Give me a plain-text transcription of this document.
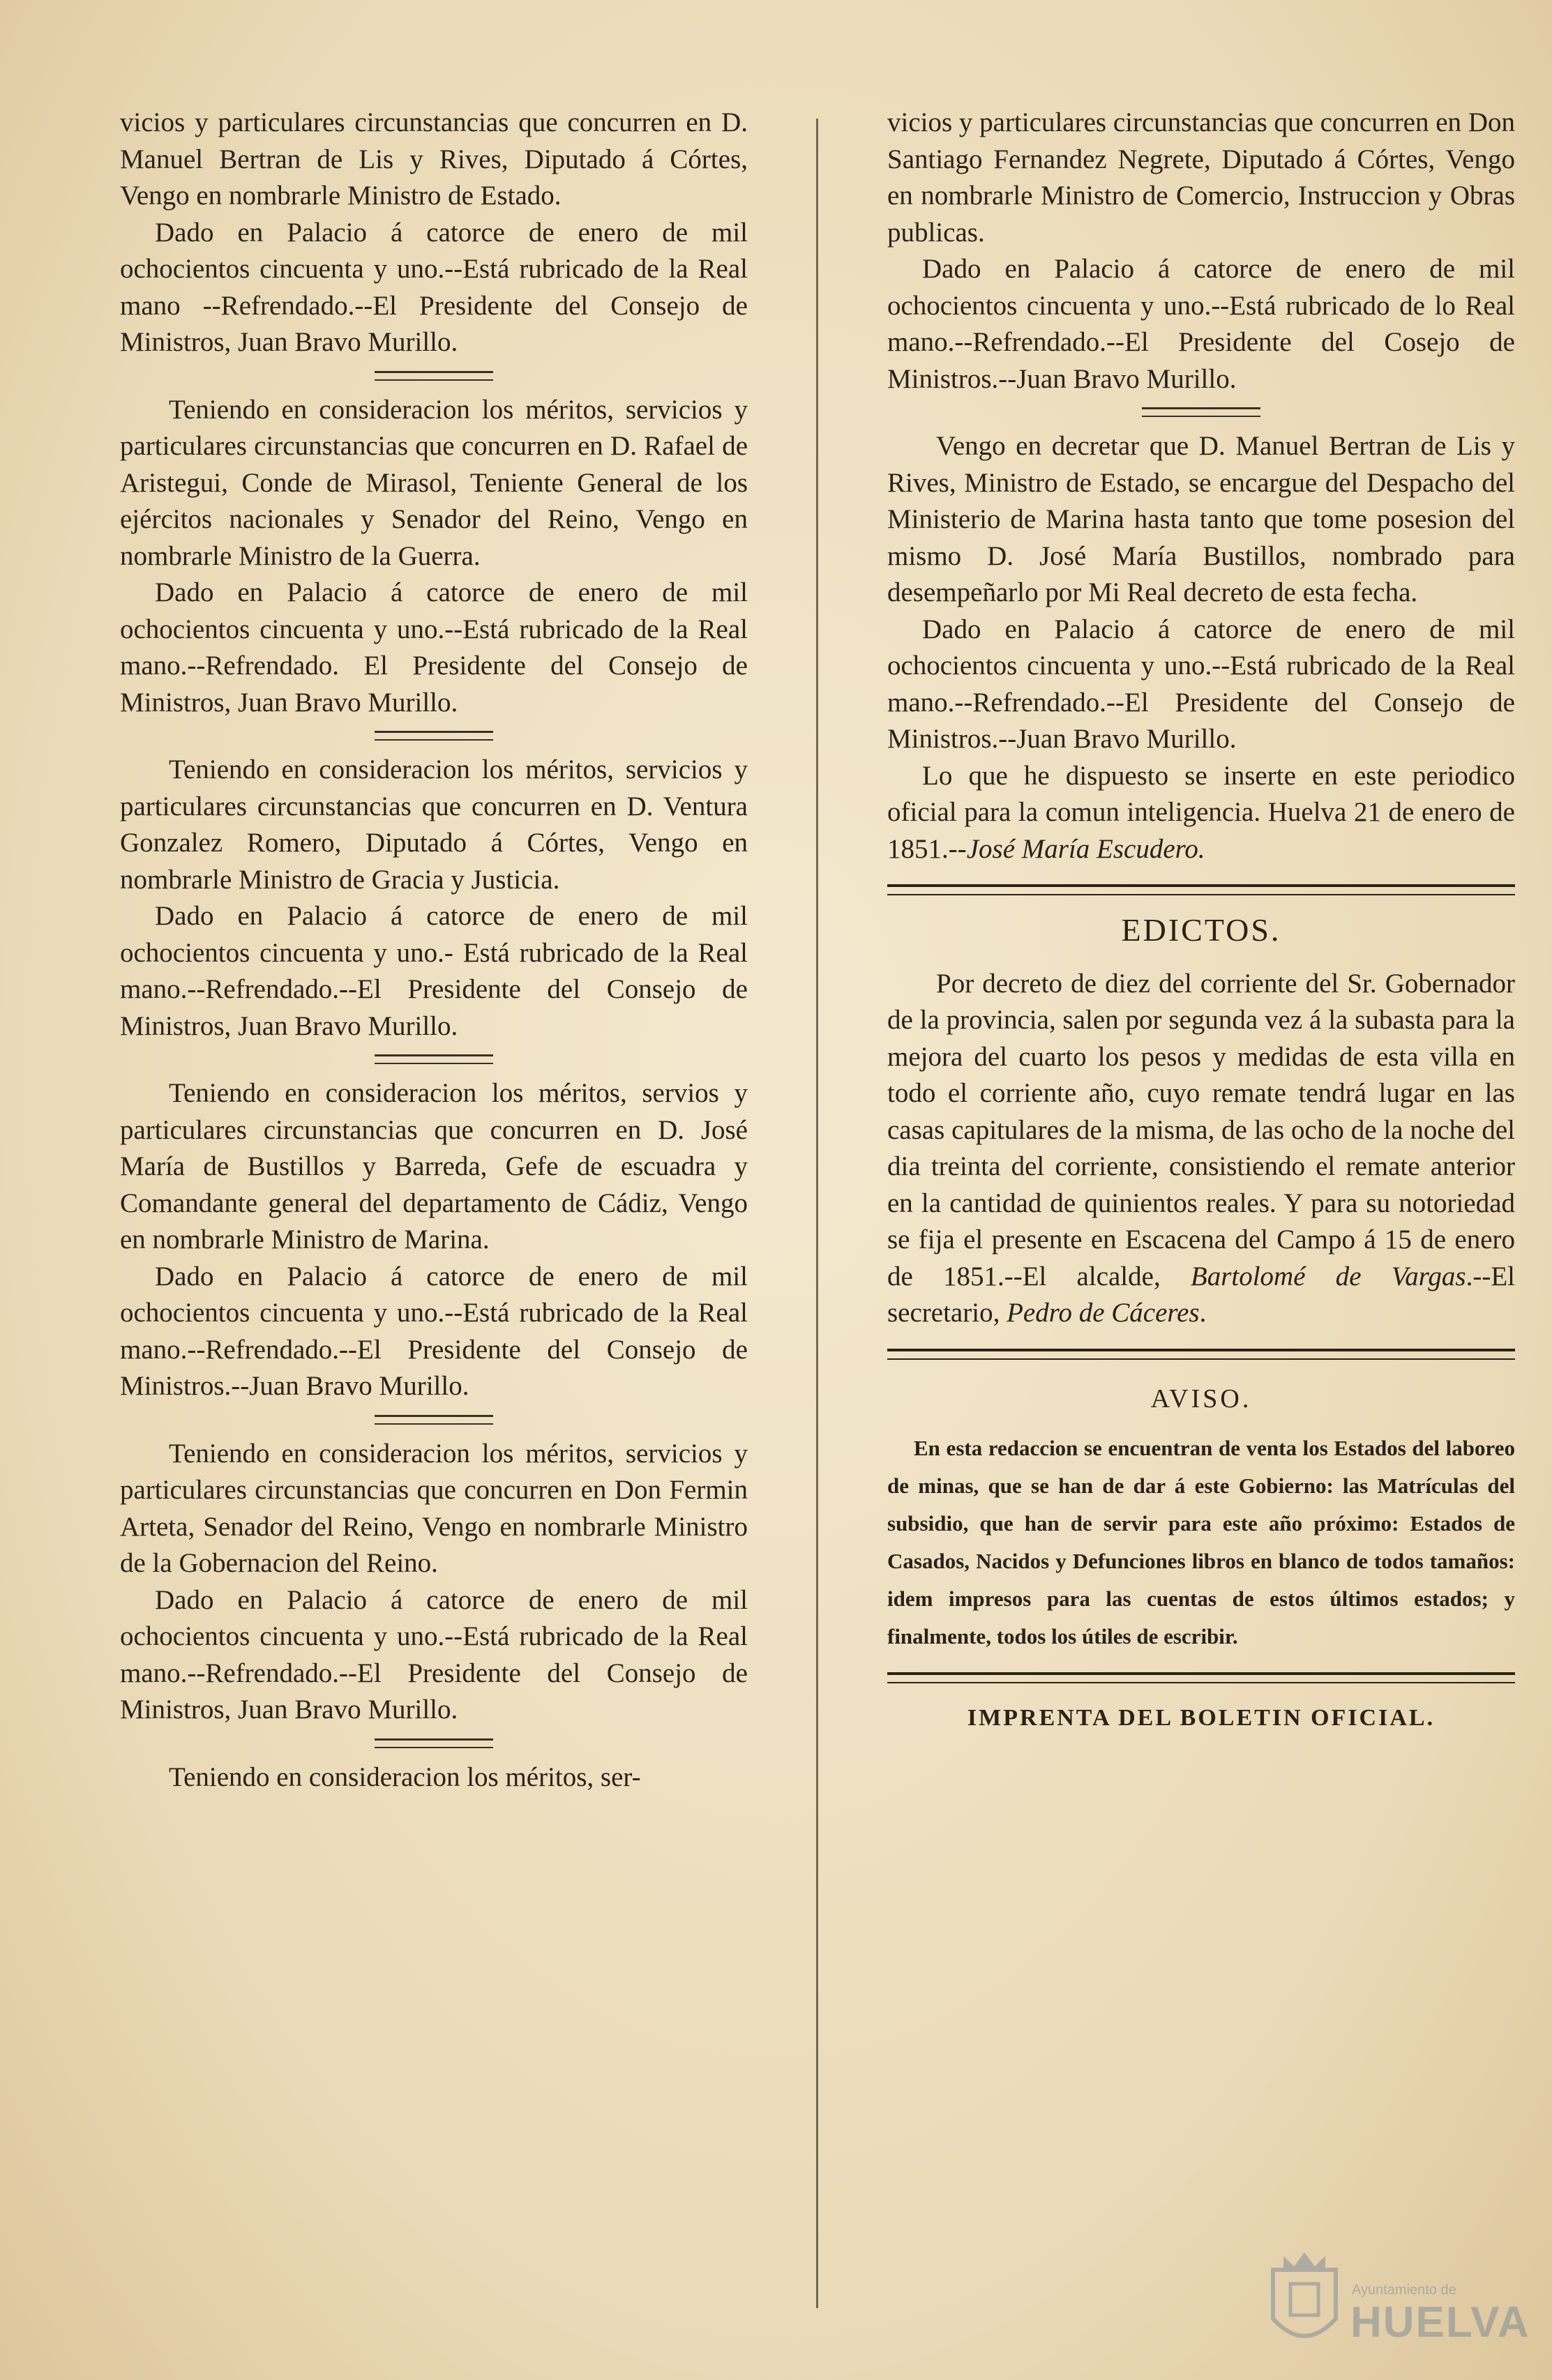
vicios y particulares circunstancias que concurren en D. Manuel Bertran de Lis y Rives, Diputado á Córtes, Vengo en nombrarle Ministro de Estado.

Dado en Palacio á catorce de enero de mil ochocientos cincuenta y uno.--Está rubricado de la Real mano --Refrendado.--El Presidente del Consejo de Ministros, Juan Bravo Murillo.

Teniendo en consideracion los méritos, servicios y particulares circunstancias que concurren en D. Rafael de Aristegui, Conde de Mirasol, Teniente General de los ejércitos nacionales y Senador del Reino, Vengo en nombrarle Ministro de la Guerra.

Dado en Palacio á catorce de enero de mil ochocientos cincuenta y uno.--Está rubricado de la Real mano.--Refrendado. El Presidente del Consejo de Ministros, Juan Bravo Murillo.

Teniendo en consideracion los méritos, servicios y particulares circunstancias que concurren en D. Ventura Gonzalez Romero, Diputado á Córtes, Vengo en nombrarle Ministro de Gracia y Justicia.

Dado en Palacio á catorce de enero de mil ochocientos cincuenta y uno.- Está rubricado de la Real mano.--Refrendado.--El Presidente del Consejo de Ministros, Juan Bravo Murillo.

Teniendo en consideracion los méritos, servios y particulares circunstancias que concurren en D. José María de Bustillos y Barreda, Gefe de escuadra y Comandante general del departamento de Cádiz, Vengo en nombrarle Ministro de Marina.

Dado en Palacio á catorce de enero de mil ochocientos cincuenta y uno.--Está rubricado de la Real mano.--Refrendado.--El Presidente del Consejo de Ministros.--Juan Bravo Murillo.

Teniendo en consideracion los méritos, servicios y particulares circunstancias que concurren en Don Fermin Arteta, Senador del Reino, Vengo en nombrarle Ministro de la Gobernacion del Reino.

Dado en Palacio á catorce de enero de mil ochocientos cincuenta y uno.--Está rubricado de la Real mano.--Refrendado.--El Presidente del Consejo de Ministros, Juan Bravo Murillo.

Teniendo en consideracion los méritos, ser-

vicios y particulares circunstancias que concurren en Don Santiago Fernandez Negrete, Diputado á Córtes, Vengo en nombrarle Ministro de Comercio, Instruccion y Obras publicas.

Dado en Palacio á catorce de enero de mil ochocientos cincuenta y uno.--Está rubricado de lo Real mano.--Refrendado.--El Presidente del Cosejo de Ministros.--Juan Bravo Murillo.

Vengo en decretar que D. Manuel Bertran de Lis y Rives, Ministro de Estado, se encargue del Despacho del Ministerio de Marina hasta tanto que tome posesion del mismo D. José María Bustillos, nombrado para desempeñarlo por Mi Real decreto de esta fecha.

Dado en Palacio á catorce de enero de mil ochocientos cincuenta y uno.--Está rubricado de la Real mano.--Refrendado.--El Presidente del Consejo de Ministros.--Juan Bravo Murillo.

Lo que he dispuesto se inserte en este periodico oficial para la comun inteligencia. Huelva 21 de enero de 1851.--José María Escudero.

EDICTOS.

Por decreto de diez del corriente del Sr. Gobernador de la provincia, salen por segunda vez á la subasta para la mejora del cuarto los pesos y medidas de esta villa en todo el corriente año, cuyo remate tendrá lugar en las casas capitulares de la misma, de las ocho de la noche del dia treinta del corriente, consistiendo el remate anterior en la cantidad de quinientos reales. Y para su notoriedad se fija el presente en Escacena del Campo á 15 de enero de 1851.--El alcalde, Bartolomé de Vargas.--El secretario, Pedro de Cáceres.

AVISO.

En esta redaccion se encuentran de venta los Estados del laboreo de minas, que se han de dar á este Gobierno: las Matrículas del subsidio, que han de servir para este año próximo: Estados de Casados, Nacidos y Defunciones libros en blanco de todos tamaños: idem impresos para las cuentas de estos últimos estados; y finalmente, todos los útiles de escribir.

IMPRENTA DEL BOLETIN OFICIAL.
Ayuntamiento de
HUELVA
